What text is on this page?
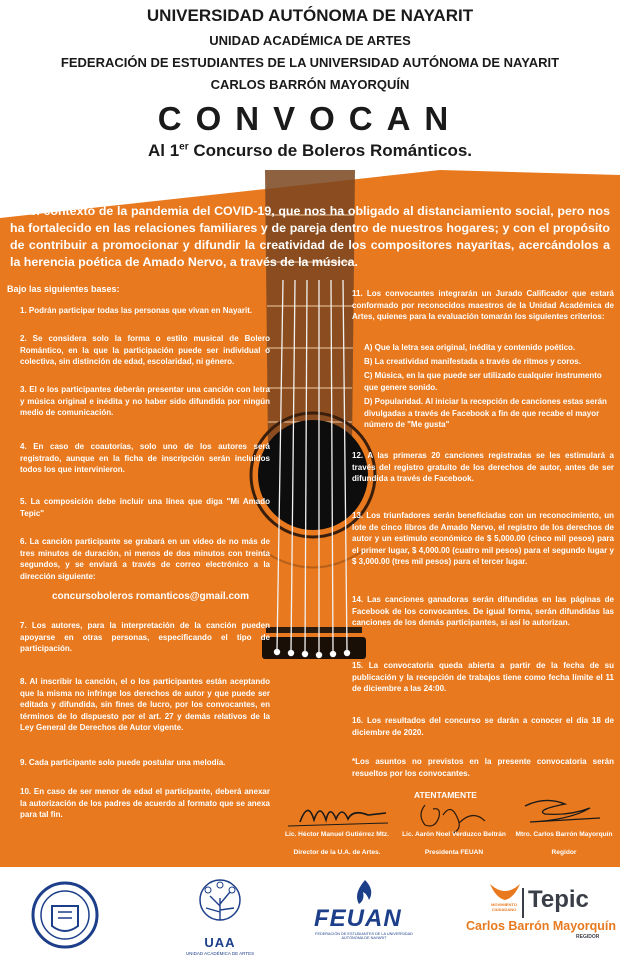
UNIVERSIDAD AUTÓNOMA DE NAYARIT
UNIDAD ACADÉMICA DE ARTES
FEDERACIÓN DE ESTUDIANTES DE LA UNIVERSIDAD AUTÓNOMA DE NAYARIT
CARLOS BARRÓN MAYORQUÍN
CONVOCAN
Al 1er Concurso de Boleros Románticos.
En el contexto de la pandemia del COVID-19, que nos ha obligado al distanciamiento social, pero nos ha fortalecido en las relaciones familiares y de pareja dentro de nuestros hogares; y con el propósito de contribuir a promocionar y difundir la creatividad de los compositores nayaritas, acercándolos a la herencia poética de Amado Nervo, a través de la música.
Bajo las siguientes bases:
1. Podrán participar todas las personas que vivan en Nayarit.
2. Se considera solo la forma o estilo musical de Bolero Romántico, en la que la participación puede ser individual o colectiva, sin distinción de edad, escolaridad, ni género.
3. El o los participantes deberán presentar una canción con letra y música original e inédita y no haber sido difundida por ningún medio de comunicación.
4. En caso de coautorías, solo uno de los autores será registrado, aunque en la ficha de inscripción serán incluidos todos los que intervinieron.
5. La composición debe incluir una línea que diga "Mi Amado Tepic"
6. La canción participante se grabará en un video de no más de tres minutos de duración, ni menos de dos minutos con treinta segundos, y se enviará a través de correo electrónico a la dirección siguiente:
7. Los autores, para la interpretación de la canción pueden apoyarse en otras personas, especificando el tipo de participación.
8. Al inscribir la canción, el o los participantes están aceptando que la misma no infringe los derechos de autor y que puede ser editada y difundida, sin fines de lucro, por los convocantes, en términos de lo dispuesto por el art. 27 y demás relativos de la Ley General de Derechos de Autor vigente.
9. Cada participante solo puede postular una melodía.
10. En caso de ser menor de edad el participante, deberá anexar la autorización de los padres de acuerdo al formato que se anexa para tal fin.
concursoboleros romanticos@gmail.com
11. Los convocantes integrarán un Jurado Calificador que estará conformado por reconocidos maestros de la Unidad Académica de Artes, quienes para la evaluación tomarán los siguientes criterios:
A) Que la letra sea original, inédita y contenido poético.
B) La creatividad manifestada a través de ritmos y coros.
C) Música, en la que puede ser utilizado cualquier instrumento que genere sonido.
D) Popularidad. Al iniciar la recepción de canciones estas serán divulgadas a través de Facebook a fin de que recabe el mayor número de "Me gusta"
12. A las primeras 20 canciones registradas se les estimulará a través del registro gratuito de los derechos de autor, antes de ser difundida a través de Facebook.
13. Los triunfadores serán beneficiadas con un reconocimiento, un lote de cinco libros de Amado Nervo, el registro de los derechos de autor y un estímulo económico de $ 5,000.00 (cinco mil pesos) para el primer lugar, $ 4,000.00 (cuatro mil pesos) para el segundo lugar y $ 3,000.00 (tres mil pesos) para el tercer lugar.
14. Las canciones ganadoras serán difundidas en las páginas de Facebook de los convocantes. De igual forma, serán difundidas las canciones de los demás participantes, si así lo autorizan.
15. La convocatoria queda abierta a partir de la fecha de su publicación y la recepción de trabajos tiene como fecha límite el 11 de diciembre a las 24:00.
16. Los resultados del concurso se darán a conocer el día 18 de diciembre de 2020.
*Los asuntos no previstos en la presente convocatoria serán resueltos por los convocantes.
ATENTAMENTE
Lic. Héctor Manuel Gutiérrez Mtz.
Director de la U.A. de Artes.
Lic. Aarón Noel Verduzco Beltrán
Presidenta FEUAN
Mtro. Carlos Barrón Mayorquín
Regidor
UAA
UNIDAD ACADÉMICA DE ARTES
FEUAN
FEDERACIÓN DE ESTUDIANTES DE LA UNIVERSIDAD AUTÓNOMA DE NAYARIT
MOVIMIENTO CIUDADANO Tepic
Carlos Barrón Mayorquín
REGIDOR
